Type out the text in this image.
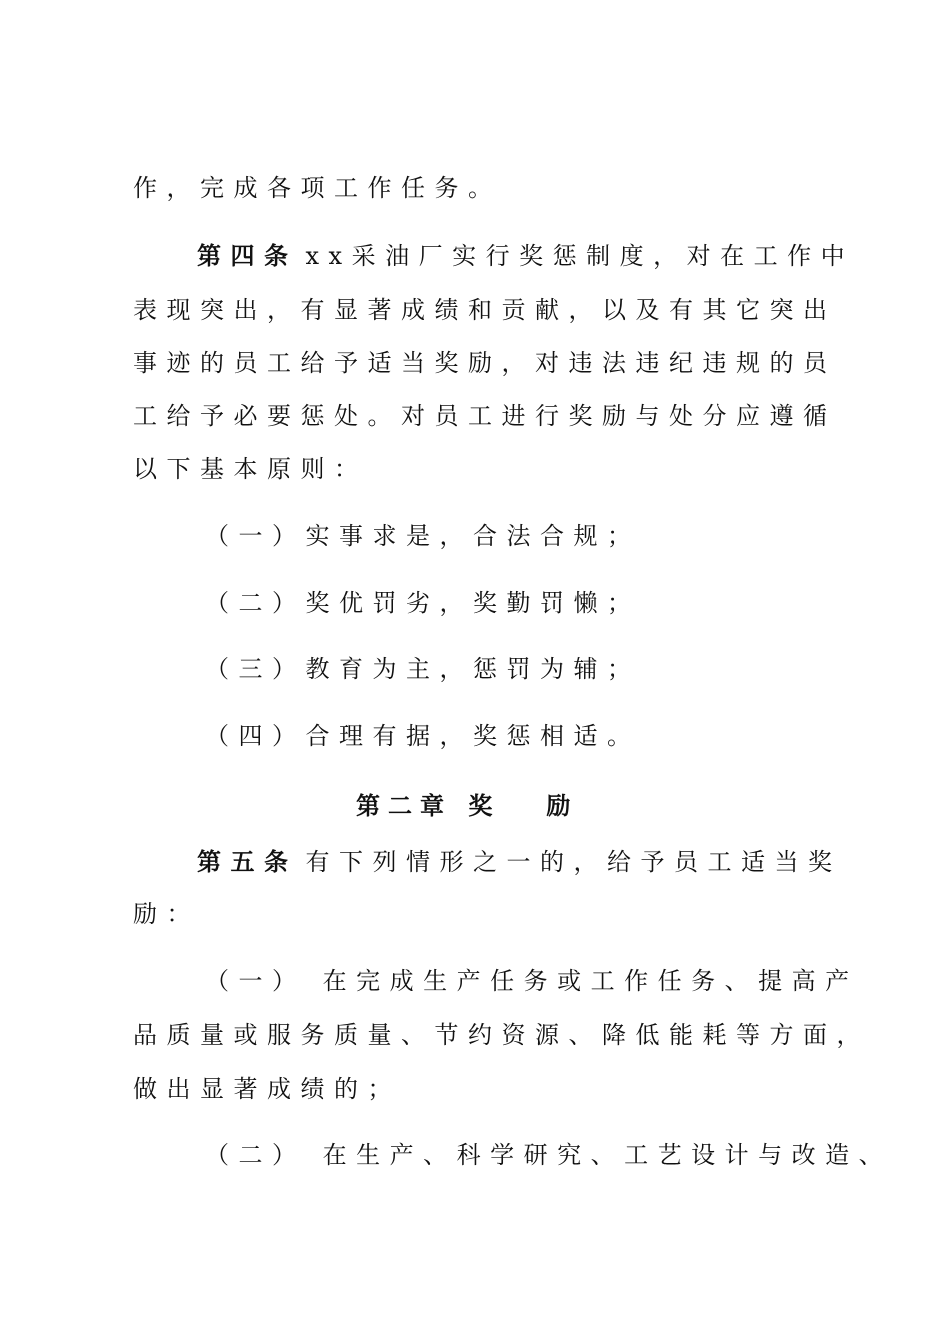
作，完成各项工作任务。
第四条 xx采油厂实行奖惩制度，对在工作中
表现突出，有显著成绩和贡献，以及有其它突出
事迹的员工给予适当奖励，对违法违纪违规的员
工给予必要惩处。对员工进行奖励与处分应遵循
以下基本原则：
（一）实事求是，合法合规；
（二）奖优罚劣，奖勤罚懒；
（三）教育为主，惩罚为辅；
（四）合理有据，奖惩相适。
第二章 奖 励
第五条 有下列情形之一的，给予员工适当奖
励：
（一） 在完成生产任务或工作任务、提高产
品质量或服务质量、节约资源、降低能耗等方面，
做出显著成绩的；
（二） 在生产、科学研究、工艺设计与改造、
